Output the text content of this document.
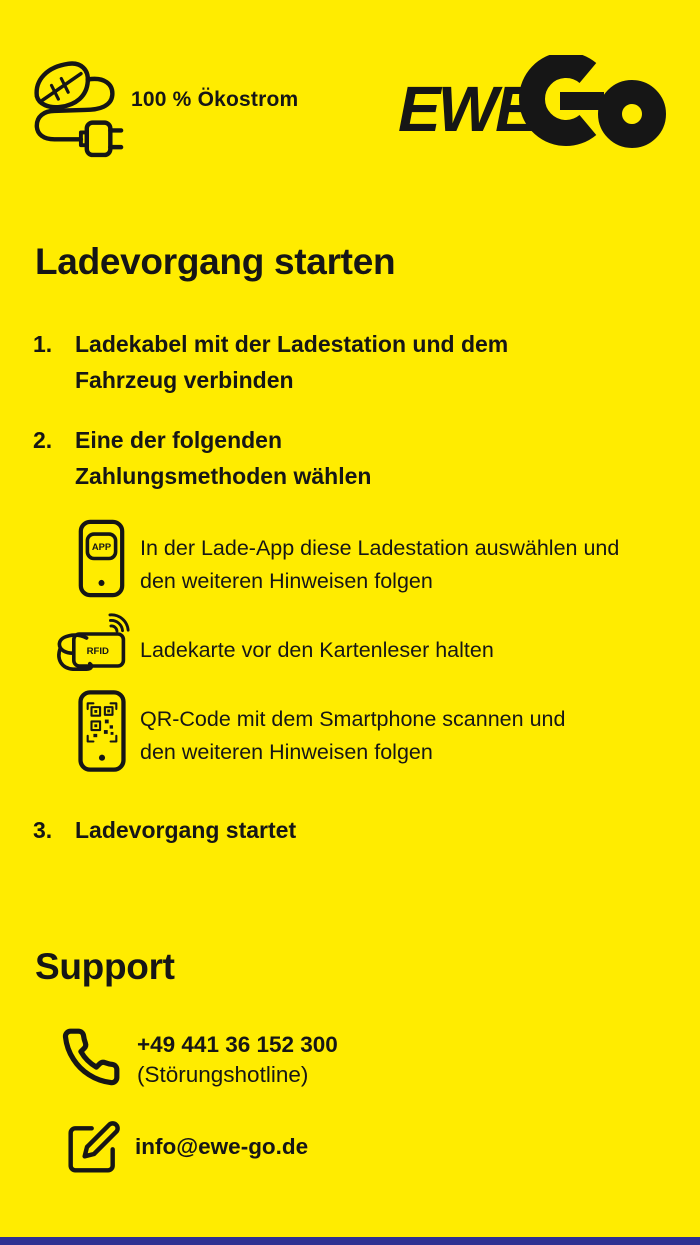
100 % Ökostrom EWE
Ladevorgang starten
1. Ladekabel mit der Ladestation und dem Fahrzeug verbinden
2. Eine der folgenden Zahlungsmethoden wählen
APP In der Lade-App diese Ladestation auswählen und den weiteren Hinweisen folgen
RFID Ladekarte vor den Kartenleser halten
QR-Code mit dem Smartphone scannen und den weiteren Hinweisen folgen
3. Ladevorgang startet
Support
+49 441 36 152 300
(Störungshotline)
info@ewe-go.de
